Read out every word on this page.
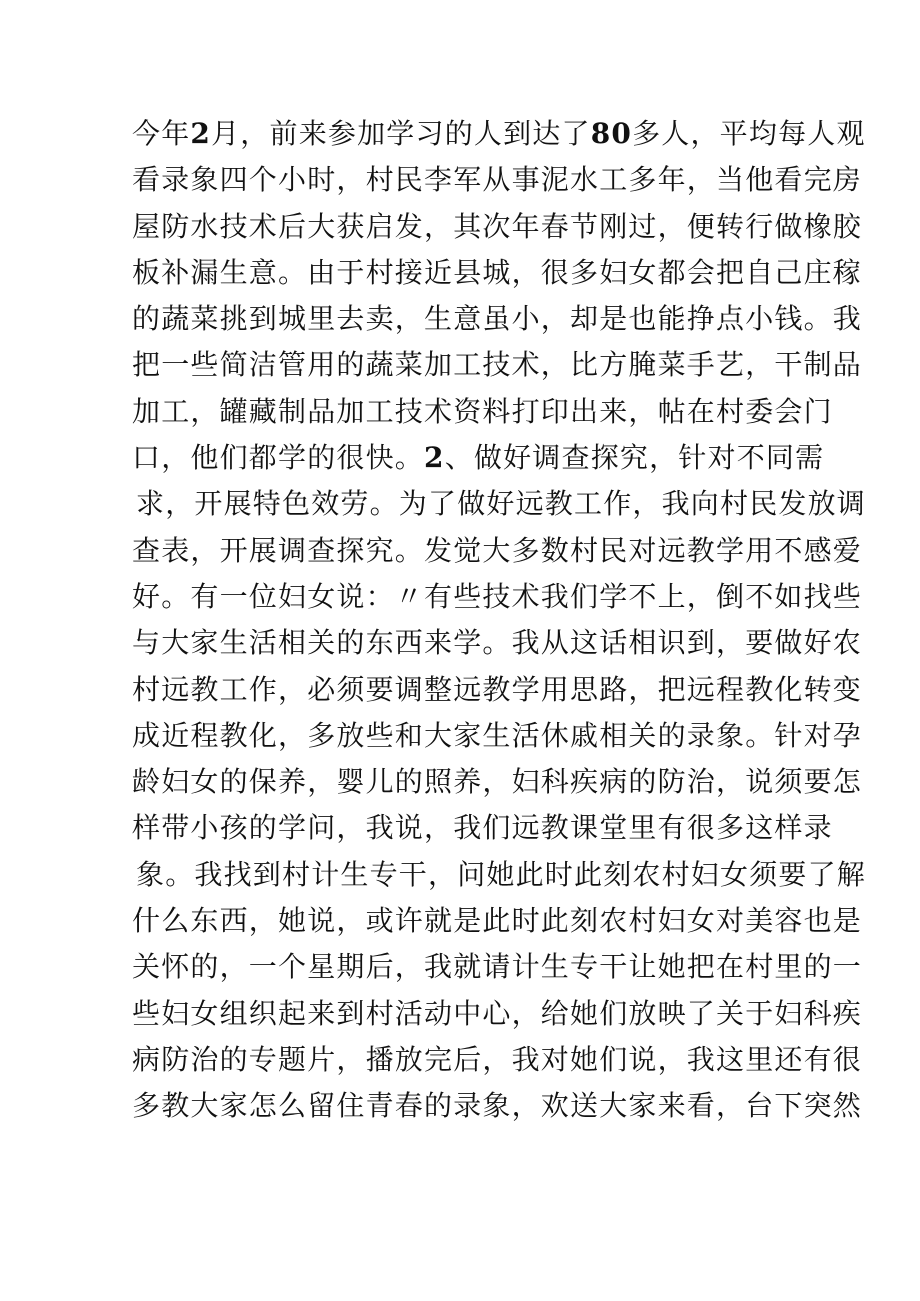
今年2月，前来参加学习的人到达了80多人，平均每人观
看录象四个小时，村民李军从事泥水工多年，当他看完房
屋防水技术后大获启发，其次年春节刚过，便转行做橡胶
板补漏生意。由于村接近县城，很多妇女都会把自己庄稼
的蔬菜挑到城里去卖，生意虽小，却是也能挣点小钱。我
把一些简洁管用的蔬菜加工技术，比方腌菜手艺，干制品
加工，罐藏制品加工技术资料打印出来，帖在村委会门
口，他们都学的很快。2、做好调查探究，针对不同需
求，开展特色效劳。为了做好远教工作，我向村民发放调
查表，开展调查探究。发觉大多数村民对远教学用不感爱
好。有一位妇女说：〃有些技术我们学不上，倒不如找些
与大家生活相关的东西来学。我从这话相识到，要做好农
村远教工作，必须要调整远教学用思路，把远程教化转变
成近程教化，多放些和大家生活休戚相关的录象。针对孕
龄妇女的保养，婴儿的照养，妇科疾病的防治，说须要怎
样带小孩的学问，我说，我们远教课堂里有很多这样录
象。我找到村计生专干，问她此时此刻农村妇女须要了解
什么东西，她说，或许就是此时此刻农村妇女对美容也是
关怀的，一个星期后，我就请计生专干让她把在村里的一
些妇女组织起来到村活动中心，给她们放映了关于妇科疾
病防治的专题片，播放完后，我对她们说，我这里还有很
多教大家怎么留住青春的录象，欢送大家来看，台下突然
